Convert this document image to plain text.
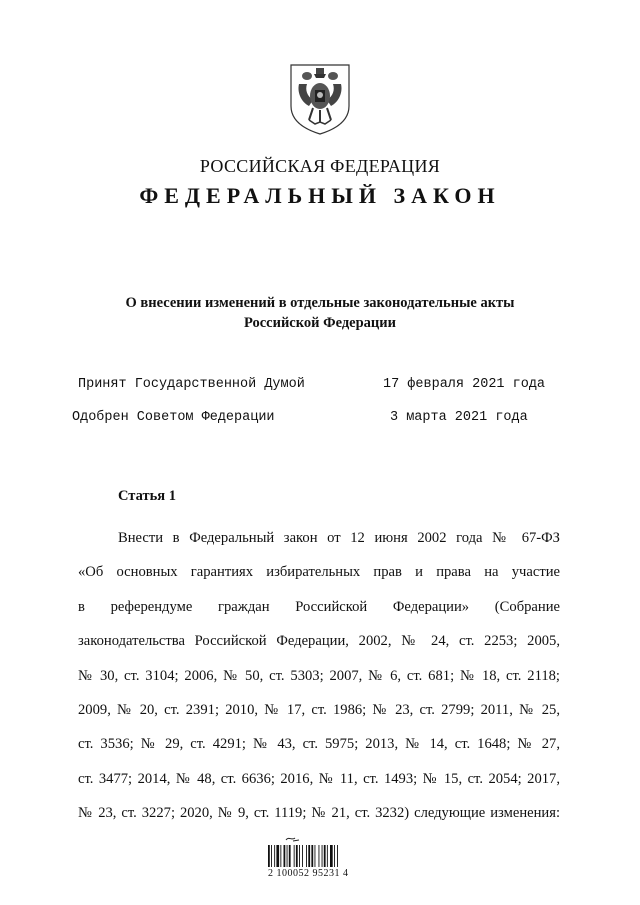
РОССИЙСКАЯ ФЕДЕРАЦИЯ
ФЕДЕРАЛЬНЫЙ ЗАКОН
О внесении изменений в отдельные законодательные акты
Российской Федерации
Принят Государственной Думой	17 февраля 2021 года
Одобрен Советом Федерации	3 марта 2021 года
Статья 1
Внести в Федеральный закон от 12 июня 2002 года № 67-ФЗ
«Об основных гарантиях избирательных прав и права на участие
в референдуме граждан Российской Федерации» (Собрание
законодательства Российской Федерации, 2002, № 24, ст. 2253; 2005,
№ 30, ст. 3104; 2006, № 50, ст. 5303; 2007, № 6, ст. 681; № 18, ст. 2118;
2009, № 20, ст. 2391; 2010, № 17, ст. 1986; № 23, ст. 2799; 2011, № 25,
ст. 3536; № 29, ст. 4291; № 43, ст. 5975; 2013, № 14, ст. 1648; № 27,
ст. 3477; 2014, № 48, ст. 6636; 2016, № 11, ст. 1493; № 15, ст. 2054; 2017,
№ 23, ст. 3227; 2020, № 9, ст. 1119; № 21, ст. 3232) следующие изменения:
2 100052 95231 4
